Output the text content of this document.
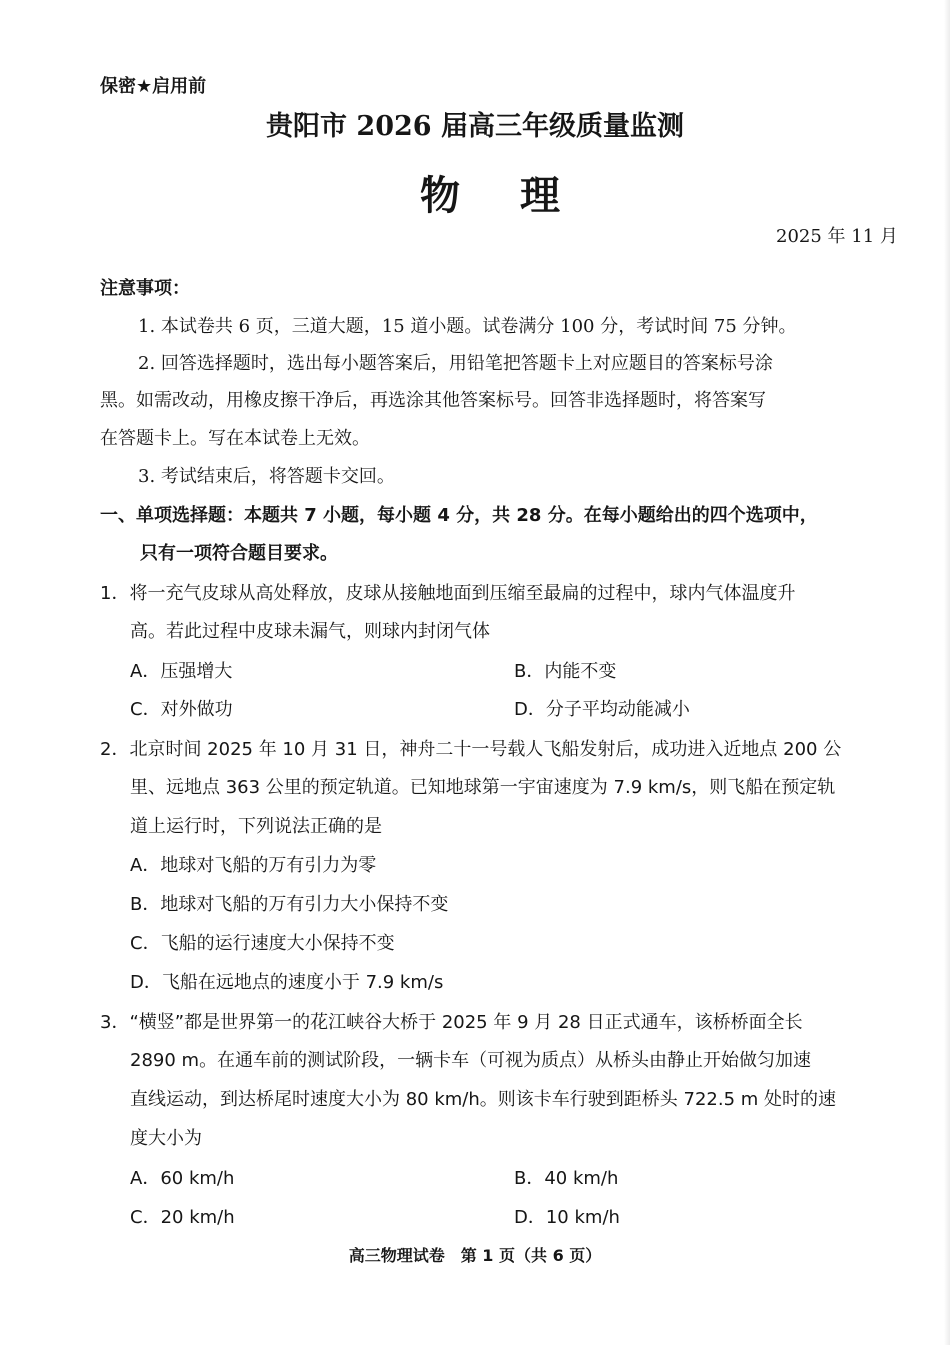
保密★启用前
贵阳市 2026 届高三年级质量监测
物理
2025 年 11 月
注意事项：
1. 本试卷共 6 页，三道大题，15 道小题。试卷满分 100 分，考试时间 75 分钟。
2. 回答选择题时，选出每小题答案后，用铅笔把答题卡上对应题目的答案标号涂
黑。如需改动，用橡皮擦干净后，再选涂其他答案标号。回答非选择题时，将答案写
在答题卡上。写在本试卷上无效。
3. 考试结束后，将答题卡交回。
一、单项选择题：本题共 7 小题，每小题 4 分，共 28 分。在每小题给出的四个选项中，
只有一项符合题目要求。
1．将一充气皮球从高处释放，皮球从接触地面到压缩至最扁的过程中，球内气体温度升
高。若此过程中皮球未漏气，则球内封闭气体
A．压强增大	B．内能不变
C．对外做功	D．分子平均动能减小
2．北京时间 2025 年 10 月 31 日，神舟二十一号载人飞船发射后，成功进入近地点 200 公
里、远地点 363 公里的预定轨道。已知地球第一宇宙速度为 7.9 km/s，则飞船在预定轨
道上运行时，下列说法正确的是
A．地球对飞船的万有引力为零
B．地球对飞船的万有引力大小保持不变
C．飞船的运行速度大小保持不变
D．飞船在远地点的速度小于 7.9 km/s
3．“横竖”都是世界第一的花江峡谷大桥于 2025 年 9 月 28 日正式通车，该桥桥面全长
2890 m。在通车前的测试阶段，一辆卡车（可视为质点）从桥头由静止开始做匀加速
直线运动，到达桥尾时速度大小为 80 km/h。则该卡车行驶到距桥头 722.5 m 处时的速
度大小为
A．60 km/h	B．40 km/h
C．20 km/h	D．10 km/h
高三物理试卷　第 1 页（共 6 页）
